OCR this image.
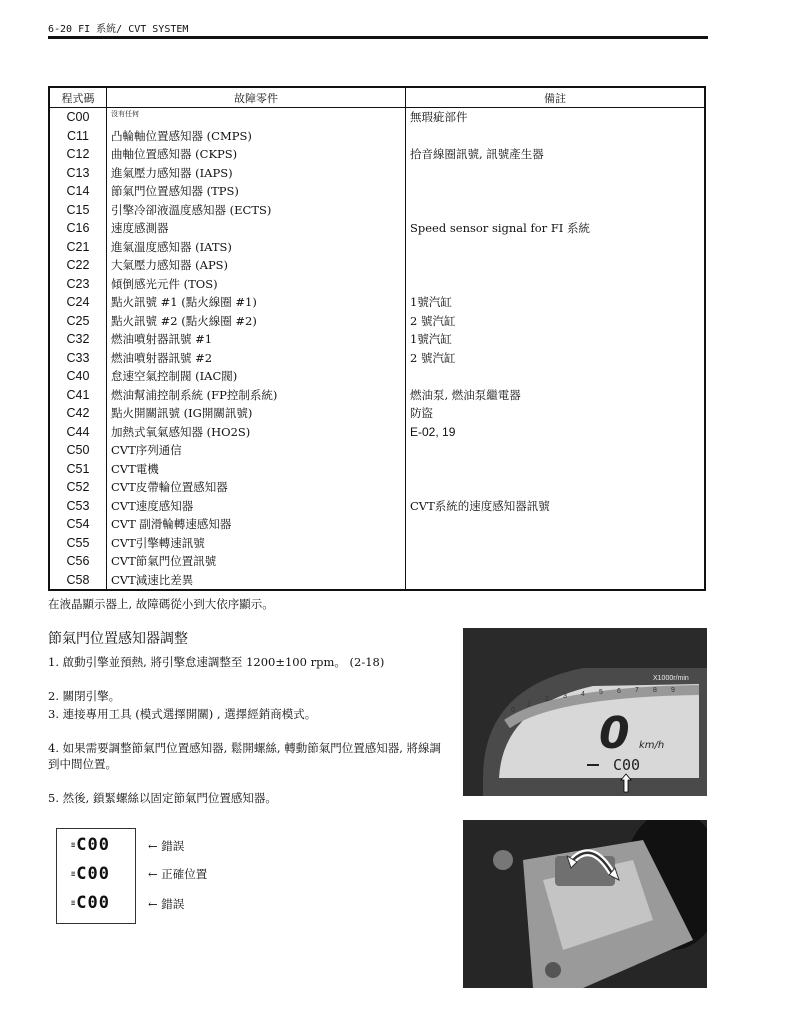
6-20 FI 系統/ CVT SYSTEM
程式碼	故障零件	備註
C00	沒有任何	無瑕疵部件
C11	凸輪軸位置感知器 (CMPS)	
C12	曲軸位置感知器 (CKPS)	拾音線圈訊號, 訊號產生器
C13	進氣壓力感知器 (IAPS)	
C14	節氣門位置感知器 (TPS)	
C15	引擎冷卻液溫度感知器 (ECTS)	
C16	速度感測器	Speed sensor signal for FI 系統
C21	進氣溫度感知器 (IATS)	
C22	大氣壓力感知器 (APS)	
C23	傾倒感光元件 (TOS)	
C24	點火訊號 #1 (點火線圈 #1)	1號汽缸
C25	點火訊號 #2 (點火線圈 #2)	2 號汽缸
C32	燃油噴射器訊號 #1	1號汽缸
C33	燃油噴射器訊號 #2	2 號汽缸
C40	怠速空氣控制閥 (IAC閥)	
C41	燃油幫浦控制系統 (FP控制系統)	燃油泵, 燃油泵繼電器
C42	點火開關訊號 (IG開關訊號)	防盜
C44	加熱式氧氣感知器 (HO2S)	E-02, 19
C50	CVT序列通信	
C51	CVT電機	
C52	CVT皮帶輪位置感知器	
C53	CVT速度感知器	CVT系統的速度感知器訊號
C54	CVT 副滑輪轉速感知器	
C55	CVT引擎轉速訊號	
C56	CVT節氣門位置訊號	
C58	CVT減速比差異	
在液晶顯示器上, 故障碼從小到大依序顯示。
節氣門位置感知器調整
1. 啟動引擎並預熱, 將引擎怠速調整至 1200±100 rpm。 (2-18)
2. 關閉引擎。
3. 連接專用工具 (模式選擇開關) , 選擇經銷商模式。
4. 如果需要調整節氣門位置感知器, 鬆開螺絲, 轉動節氣門位置感知器, 將線調到中間位置。
5. 然後, 鎖緊螺絲以固定節氣門位置感知器。
≡C00
≡C00
≡C00
← 錯誤
← 正確位置
← 錯誤
X1000r/min
0
1
2 3 4 5 6 7 8 9
0 km/h
C00
